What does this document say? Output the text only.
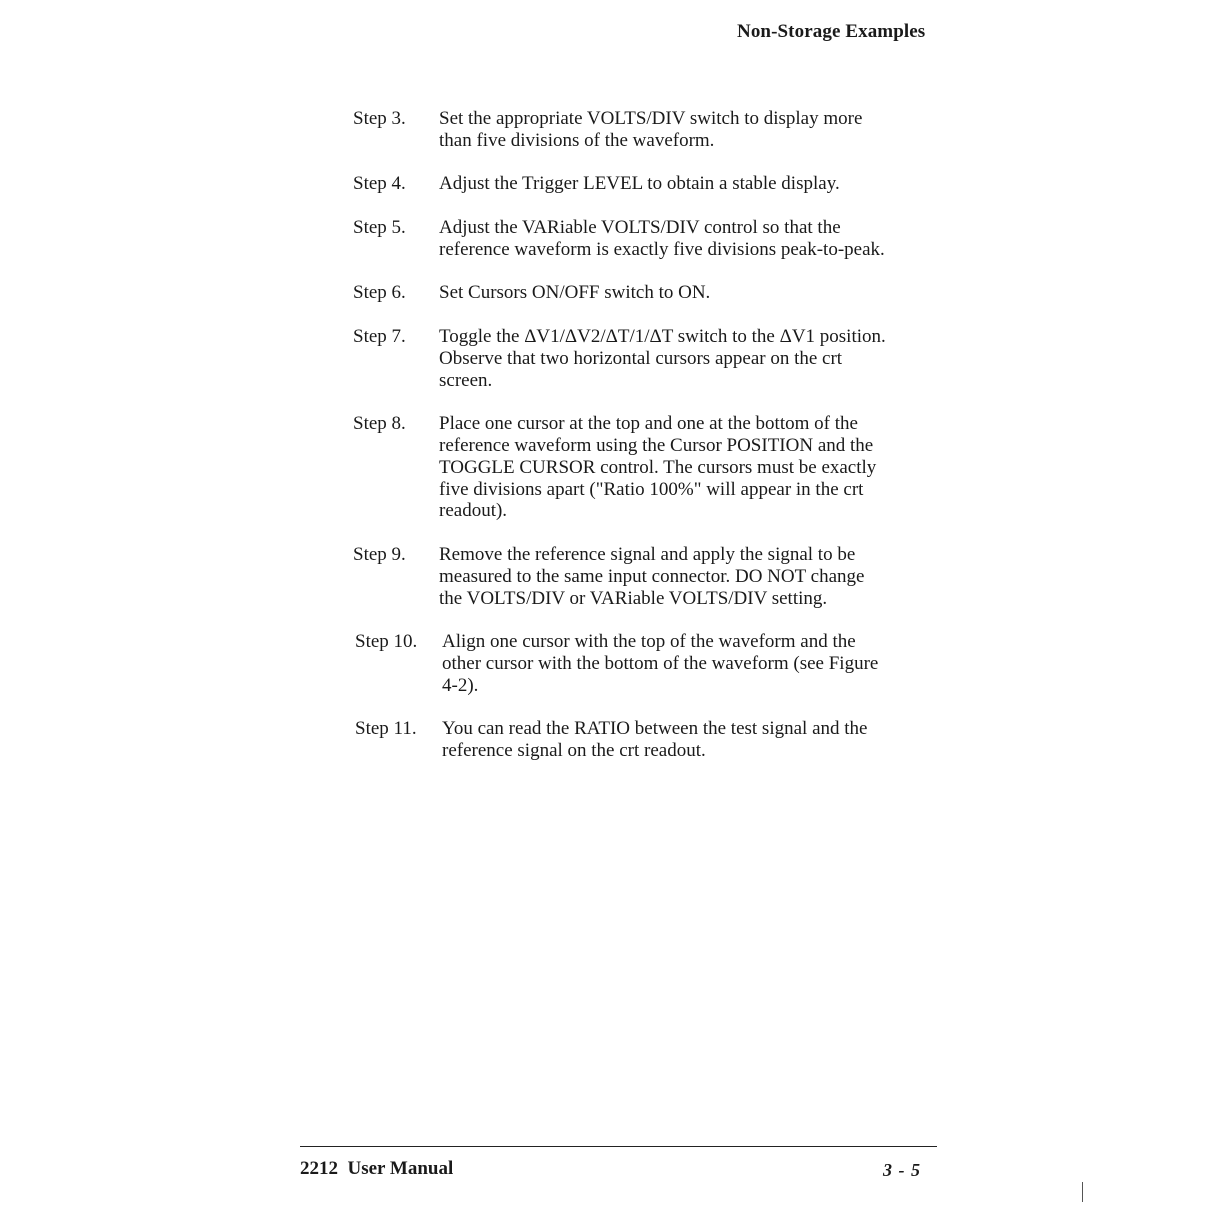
Non-Storage Examples
Step 3.	Set the appropriate VOLTS/DIV switch to display more
than five divisions of the waveform.
Step 4.	Adjust the Trigger LEVEL to obtain a stable display.
Step 5.	Adjust the VARiable VOLTS/DIV control so that the
reference waveform is exactly five divisions peak-to-peak.
Step 6.	Set Cursors ON/OFF switch to ON.
Step 7.	Toggle the ΔV1/ΔV2/ΔT/1/ΔT switch to the ΔV1 position.
Observe that two horizontal cursors appear on the crt
screen.
Step 8.	Place one cursor at the top and one at the bottom of the
reference waveform using the Cursor POSITION and the
TOGGLE CURSOR control. The cursors must be exactly
five divisions apart ("Ratio 100%" will appear in the crt
readout).
Step 9.	Remove the reference signal and apply the signal to be
measured to the same input connector. DO NOT change
the VOLTS/DIV or VARiable VOLTS/DIV setting.
Step 10.	Align one cursor with the top of the waveform and the
other cursor with the bottom of the waveform (see Figure
4-2).
Step 11.	You can read the RATIO between the test signal and the
reference signal on the crt readout.
2212  User Manual	3 - 5
